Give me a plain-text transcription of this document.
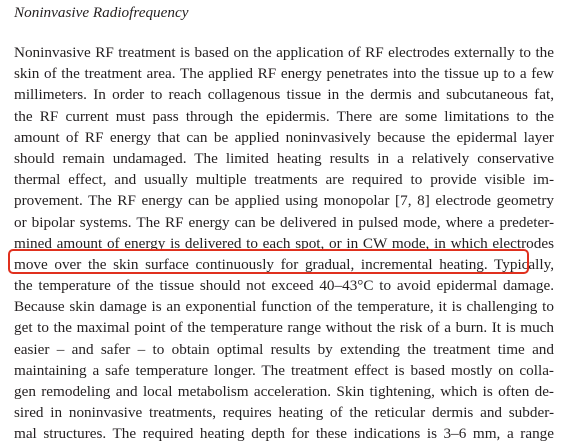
Noninvasive Radiofrequency
Noninvasive RF treatment is based on the application of RF electrodes externally to the
skin of the treatment area. The applied RF energy penetrates into the tissue up to a few
millimeters. In order to reach collagenous tissue in the dermis and subcutaneous fat,
the RF current must pass through the epidermis. There are some limitations to the
amount of RF energy that can be applied noninvasively because the epidermal layer
should remain undamaged. The limited heating results in a relatively conservative
thermal effect, and usually multiple treatments are required to provide visible im-
provement. The RF energy can be applied using monopolar [7, 8] electrode geometry
or bipolar systems. The RF energy can be delivered in pulsed mode, where a predeter-
mined amount of energy is delivered to each spot, or in CW mode, in which electrodes
move over the skin surface continuously for gradual, incremental heating. Typically,
the temperature of the tissue should not exceed 40–43°C to avoid epidermal damage.
Because skin damage is an exponential function of the temperature, it is challenging to
get to the maximal point of the temperature range without the risk of a burn. It is much
easier – and safer – to obtain optimal results by extending the treatment time and
maintaining a safe temperature longer. The treatment effect is based mostly on colla-
gen remodeling and local metabolism acceleration. Skin tightening, which is often de-
sired in noninvasive treatments, requires heating of the reticular dermis and subder-
mal structures. The required heating depth for these indications is 3–6 mm, a range
